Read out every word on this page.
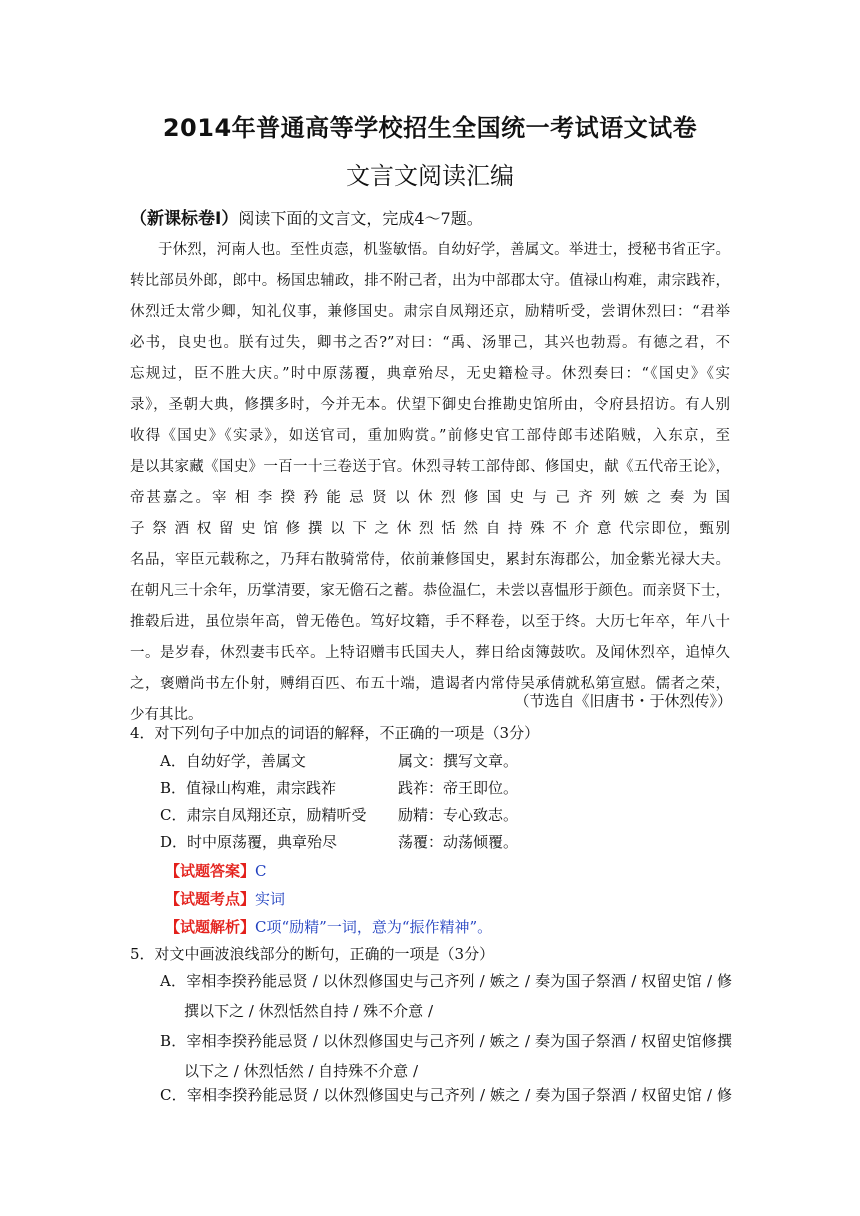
2014年普通高等学校招生全国统一考试语文试卷
文言文阅读汇编
（新课标卷Ⅰ）阅读下面的文言文，完成4～7题。
于休烈，河南人也。至性贞悫，机鉴敏悟。自幼好学，善属文。举进士，授秘书省正字。
转比部员外郎，郎中。杨国忠辅政，排不附己者，出为中部郡太守。值禄山构难，肃宗践祚，
休烈迁太常少卿，知礼仪事，兼修国史。肃宗自凤翔还京，励精听受，尝谓休烈曰：“君举
必书，良史也。朕有过失，卿书之否?”对曰：“禹、汤罪己，其兴也勃焉。有德之君，不
忘规过，臣不胜大庆。”时中原荡覆，典章殆尽，无史籍检寻。休烈奏曰：“《国史》《实
录》，圣朝大典，修撰多时，今并无本。伏望下御史台推勘史馆所由，令府县招访。有人别
收得《国史》《实录》，如送官司，重加购赏。”前修史官工部侍郎韦述陷贼，入东京，至
是以其家藏《国史》一百一十三卷送于官。休烈寻转工部侍郎、修国史，献《五代帝王论》，
帝甚嘉之。宰 相 李 揆 矜 能 忌 贤 以 休 烈 修 国 史 与 己 齐 列 嫉 之 奏 为 国
子 祭 酒 权 留 史 馆 修 撰 以 下 之 休 烈 恬 然 自 持 殊 不 介 意 代宗即位，甄别
名品，宰臣元载称之，乃拜右散骑常侍，依前兼修国史，累封东海郡公，加金紫光禄大夫。
在朝凡三十余年，历掌清要，家无儋石之蓄。恭俭温仁，未尝以喜愠形于颜色。而亲贤下士，
推毂后进，虽位崇年高，曾无倦色。笃好坟籍，手不释卷，以至于终。大历七年卒，年八十
一。是岁春，休烈妻韦氏卒。上特诏赠韦氏国夫人，葬日给卤簿鼓吹。及闻休烈卒，追悼久
之，褒赠尚书左仆射，赙绢百匹、布五十端，遣谒者内常侍吴承倩就私第宣慰。儒者之荣，
少有其比。
（节选自《旧唐书・于休烈传》）
4．对下列句子中加点的词语的解释，不正确的一项是（3分）
A．自幼好学，善属文	属文：撰写文章。
B．值禄山构难，肃宗践祚	践祚：帝王即位。
C．肃宗自凤翔还京，励精听受 励精：专心致志。
D．时中原荡覆，典章殆尽	荡覆：动荡倾覆。
【试题答案】C
【试题考点】实词
【试题解析】C项“励精”一词，意为“振作精神”。
5．对文中画波浪线部分的断句，正确的一项是（3分）
A．宰相李揆矜能忌贤 / 以休烈修国史与己齐列 / 嫉之 / 奏为国子祭酒 / 权留史馆 / 修
撰以下之 / 休烈恬然自持 / 殊不介意 /
B．宰相李揆矜能忌贤 / 以休烈修国史与己齐列 / 嫉之 / 奏为国子祭酒 / 权留史馆修撰
以下之 / 休烈恬然 / 自持殊不介意 /
C．宰相李揆矜能忌贤 / 以休烈修国史与己齐列 / 嫉之 / 奏为国子祭酒 / 权留史馆 / 修
